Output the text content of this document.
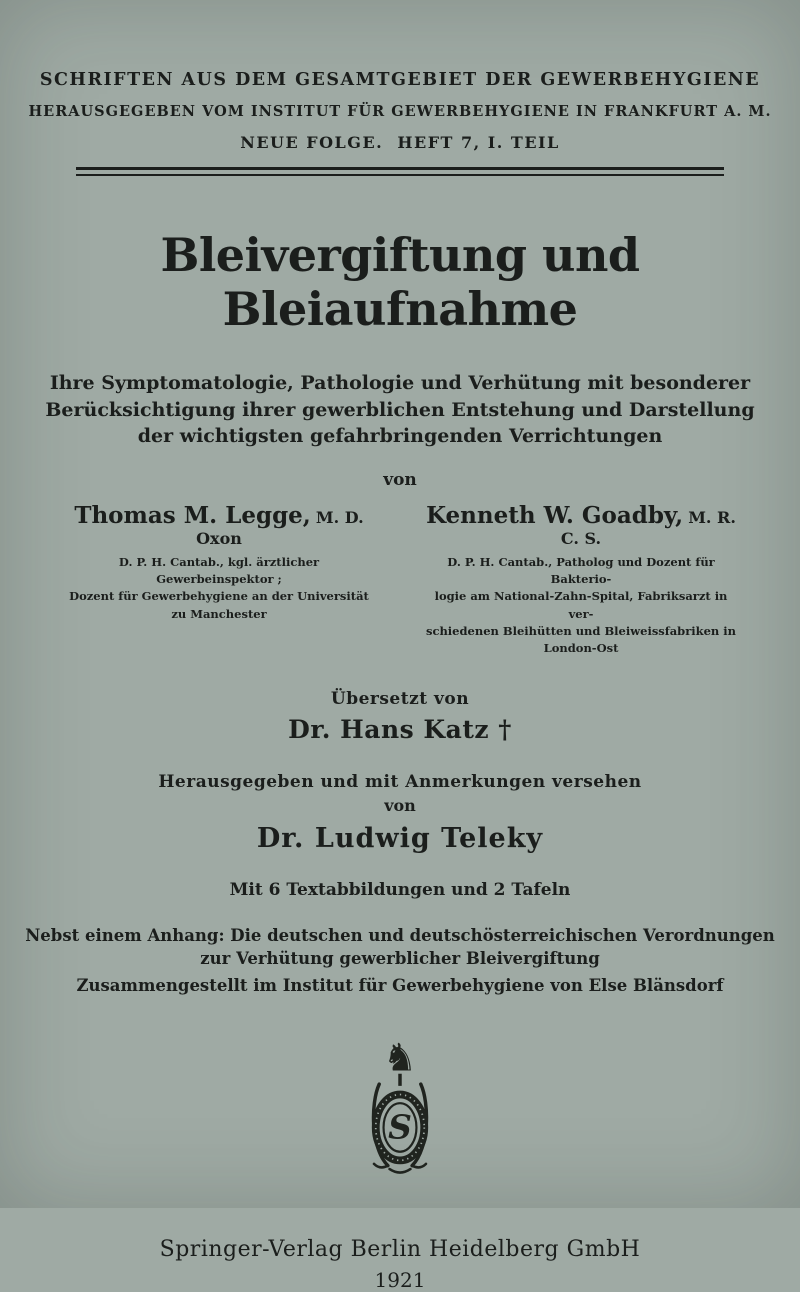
SCHRIFTEN AUS DEM GESAMTGEBIET DER GEWERBEHYGIENE
HERAUSGEGEBEN VOM INSTITUT FÜR GEWERBEHYGIENE IN FRANKFURT A. M.
NEUE FOLGE.  HEFT 7, I. TEIL
Bleivergiftung und Bleiaufnahme
Ihre Symptomatologie, Pathologie und Verhütung mit besonderer
Berücksichtigung ihrer gewerblichen Entstehung und Darstellung
der wichtigsten gefahrbringenden Verrichtungen
von
Thomas M. Legge, M. D. Oxon
D. P. H. Cantab., kgl. ärztlicher Gewerbeinspektor ;
Dozent für Gewerbehygiene an der Universität
zu Manchester
Kenneth W. Goadby, M. R. C. S.
D. P. H. Cantab., Patholog und Dozent für Bakterio-
logie am National-Zahn-Spital, Fabriksarzt in ver-
schiedenen Bleihütten und Bleiweissfabriken in
London-Ost
Übersetzt von
Dr. Hans Katz †
Herausgegeben und mit Anmerkungen versehen
von
Dr. Ludwig Teleky
Mit 6 Textabbildungen und 2 Tafeln
Nebst einem Anhang: Die deutschen und deutschösterreichischen Verordnungen
zur Verhütung gewerblicher Bleivergiftung
Zusammengestellt im Institut für Gewerbehygiene von Else Blänsdorf
♞
S
Springer-Verlag Berlin Heidelberg GmbH
1921
